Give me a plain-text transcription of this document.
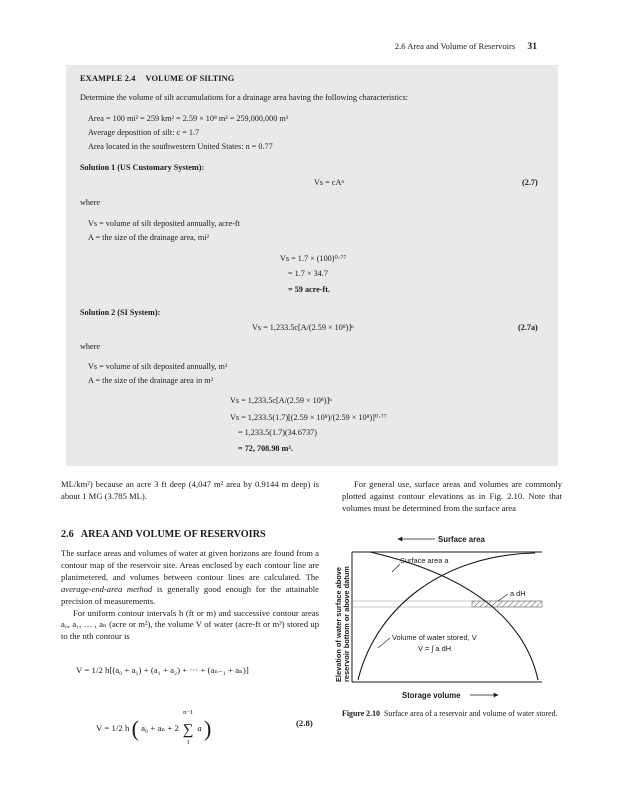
2.6 Area and Volume of Reservoirs 31
EXAMPLE 2.4 VOLUME OF SILTING
Determine the volume of silt accumulations for a drainage area having the following characteristics:
Area = 100 mi² = 259 km² = 2.59 × 10⁸ m² = 259,000,000 m²
Average deposition of silt: c = 1.7
Area located in the southwestern United States: n = 0.77
Solution 1 (US Customary System):
Vs = cAⁿ	(2.7)
where
Vs = volume of silt deposited annually, acre-ft
A = the size of the drainage area, mi²
Vs = 1.7 × (100)⁰·⁷⁷
= 1.7 × 34.7
= 59 acre-ft.
Solution 2 (SI System):
Vs = 1,233.5c[A/(2.59 × 10⁸)]ⁿ	(2.7a)
where
Vs = volume of silt deposited annually, m³
A = the size of the drainage area in m²
Vs = 1,233.5c[A/(2.59 × 10⁸)]ⁿ
Vs = 1,233.5(1.7)[(2.59 × 10⁸)/(2.59 × 10⁸)]⁰·⁷⁷
= 1,233.5(1.7)(34.6737)
= 72, 708.98 m³.

ML/km²) because an acre 3 ft deep (4,047 m² area by 0.9144 m deep) is about 1 MG (3.785 ML).

For general use, surface areas and volumes are commonly plotted against contour elevations as in Fig. 2.10. Note that volumes must be determined from the surface area

2.6 AREA AND VOLUME OF RESERVOIRS

The surface areas and volumes of water at given horizons are found from a contour map of the reservoir site. Areas enclosed by each contour line are planimetered, and volumes between contour lines are calculated. The average-end-area method is generally good enough for the attainable precision of measurements.

For uniform contour intervals h (ft or m) and successive contour areas a₀, a₁, … , aₙ (acre or m²), the volume V of water (acre-ft or m³) stored up to the nth contour is

V = 1/2 h[(a₀ + a₁) + (a₁ + a₂) + ··· + (aₙ₋₁ + aₙ)]
V = 1/2 h ( a₀ + aₙ + 2
n−1
∑
1
a )	(2.8)
Surface area
Surface area a
a dH
Volume of water stored, V
V = ∫ a dH
Elevation of water surface above reservoir bottom or above datum
Storage volume
Figure 2.10 Surface area of a reservoir and volume of water stored.
